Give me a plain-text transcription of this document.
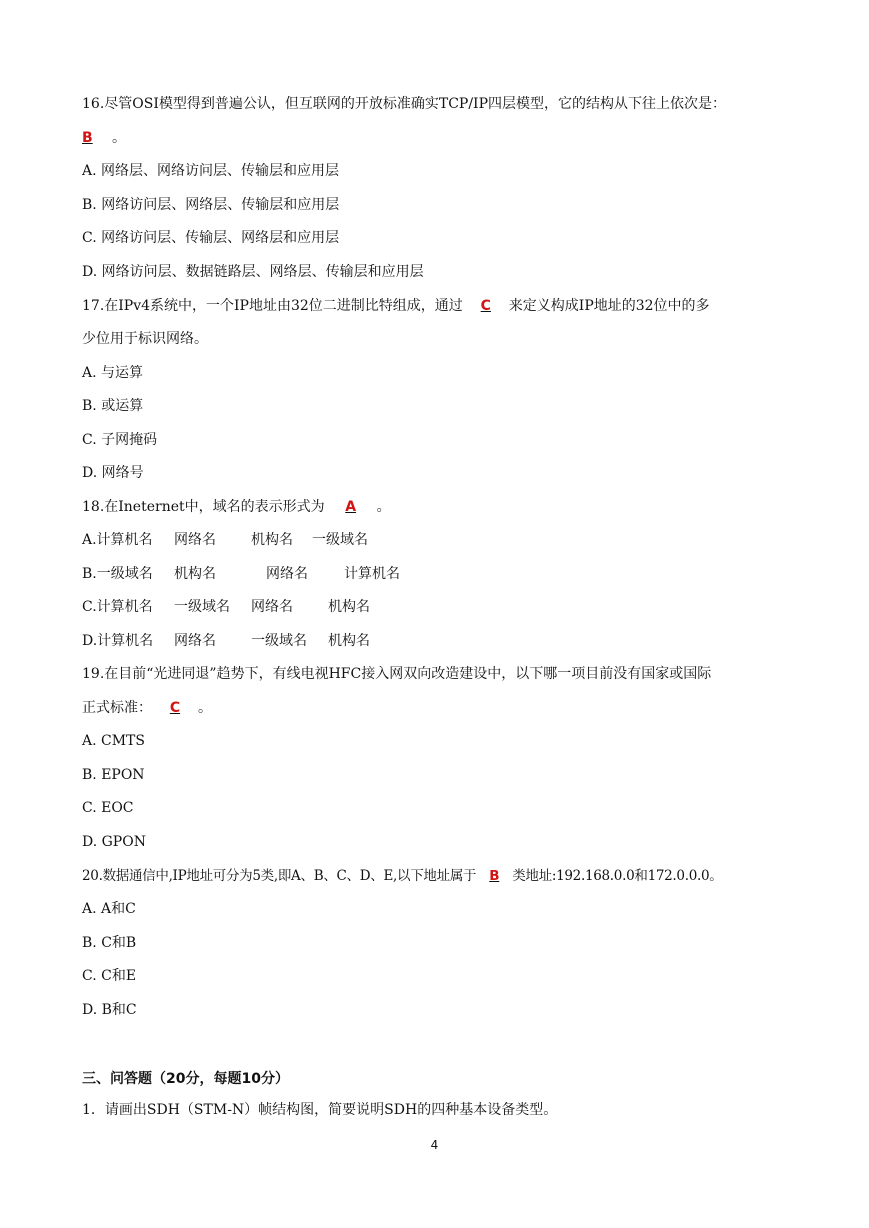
16.尽管OSI模型得到普遍公认，但互联网的开放标准确实TCP/IP四层模型，它的结构从下往上依次是：
B 。
A. 网络层、网络访问层、传输层和应用层
B. 网络访问层、网络层、传输层和应用层
C. 网络访问层、传输层、网络层和应用层
D. 网络访问层、数据链路层、网络层、传输层和应用层
17.在IPv4系统中，一个IP地址由32位二进制比特组成，通过 C 来定义构成IP地址的32位中的多
少位用于标识网络。
A. 与运算
B. 或运算
C. 子网掩码
D. 网络号
18.在Ineternet中，域名的表示形式为 A 。
A.计算机名 网络名	机构名 一级域名
B.一级域名 机构名	网络名	计算机名
C.计算机名 一级域名 网络名	机构名
D.计算机名 网络名	一级域名 机构名
19.在目前“光进同退”趋势下，有线电视HFC接入网双向改造建设中，以下哪一项目前没有国家或国际
正式标准： C 。
A. CMTS
B. EPON
C. EOC
D. GPON
20.数据通信中,IP地址可分为5类,即A、B、C、D、E,以下地址属于 B 类地址:192.168.0.0和172.0.0.0。
A. A和C
B. C和B
C. C和E
D. B和C
三、问答题（20分，每题10分）
1．请画出SDH（STM-N）帧结构图，简要说明SDH的四种基本设备类型。
4
